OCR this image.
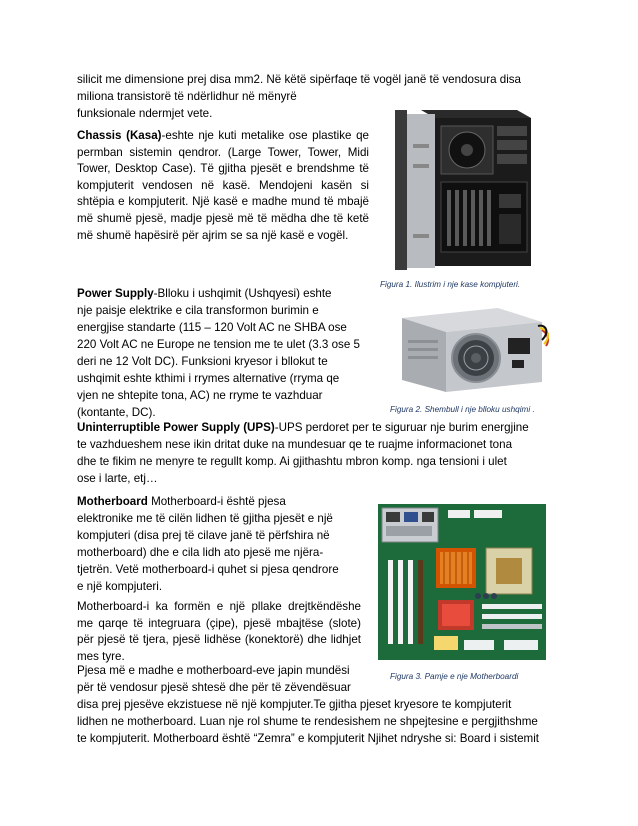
silicit me dimensione prej disa mm2. Në këtë sipërfaqe të vogël janë të vendosura disa

miliona transistorë të ndërlidhur në mënyrë

funksionale ndermjet vete.

Chassis (Kasa)-eshte nje kuti metalike ose plastike qe permban sistemin qendror. (Large Tower, Tower, Midi Tower, Desktop Case). Të gjitha pjesët e brendshme të kompjuterit vendosen në kasë. Mendojeni kasën si shtëpia e kompjuterit. Një kasë e madhe mund të mbajë më shumë pjesë, madje pjesë më të mëdha dhe të ketë më shumë hapësirë për ajrim se sa një kasë e vogël.

Figura 1. Ilustrim i nje kase kompjuteri.

Power Supply-Blloku i ushqimit (Ushqyesi) eshte

nje paisje elektrike e cila transformon burimin e

energjise standarte (115 – 120 Volt AC ne SHBA ose

220 Volt AC ne Europe ne tension me te ulet (3.3 ose 5

deri ne 12 Volt DC). Funksioni kryesor i bllokut te

ushqimit eshte kthimi i rrymes alternative (rryma qe

vjen ne shtepite tona, AC) ne rryme te vazhduar

(kontante, DC).	Figura 2. Shembull i nje blloku ushqimi .

Uninterruptible Power Supply (UPS)-UPS perdoret per te siguruar nje burim energjine

te vazhdueshem nese ikin dritat duke na mundesuar qe te ruajme informacionet tona

dhe te fikim ne menyre te regullt komp. Ai gjithashtu mbron komp. nga tensioni i ulet

ose i larte, etj…

Motherboard Motherboard-i është pjesa

elektronike me të cilën lidhen të gjitha pjesët e një

kompjuteri (disa prej të cilave janë të përfshira në

motherboard) dhe e cila lidh ato pjesë me njëra-

tjetrën. Vetë motherboard-i quhet si pjesa qendrore

e një kompjuteri.

Motherboard-i ka formën e një pllake drejtkëndëshe me qarqe të integruara (çipe), pjesë mbajtëse (slote) për pjesë të tjera, pjesë lidhëse (konektorë) dhe lidhjet mes tyre.

Figura 3. Pamje e nje Motherboardi

Pjesa më e madhe e motherboard-eve japin mundësi

për të vendosur pjesë shtesë dhe për të zëvendësuar

disa prej pjesëve ekzistuese në një kompjuter.Te gjitha pjeset kryesore te kompjuterit

lidhen ne motherboard. Luan nje rol shume te rendesishem ne shpejtesine e pergjithshme

te kompjuterit. Motherboard është “Zemra” e kompjuterit Njihet ndryshe si: Board i sistemit
